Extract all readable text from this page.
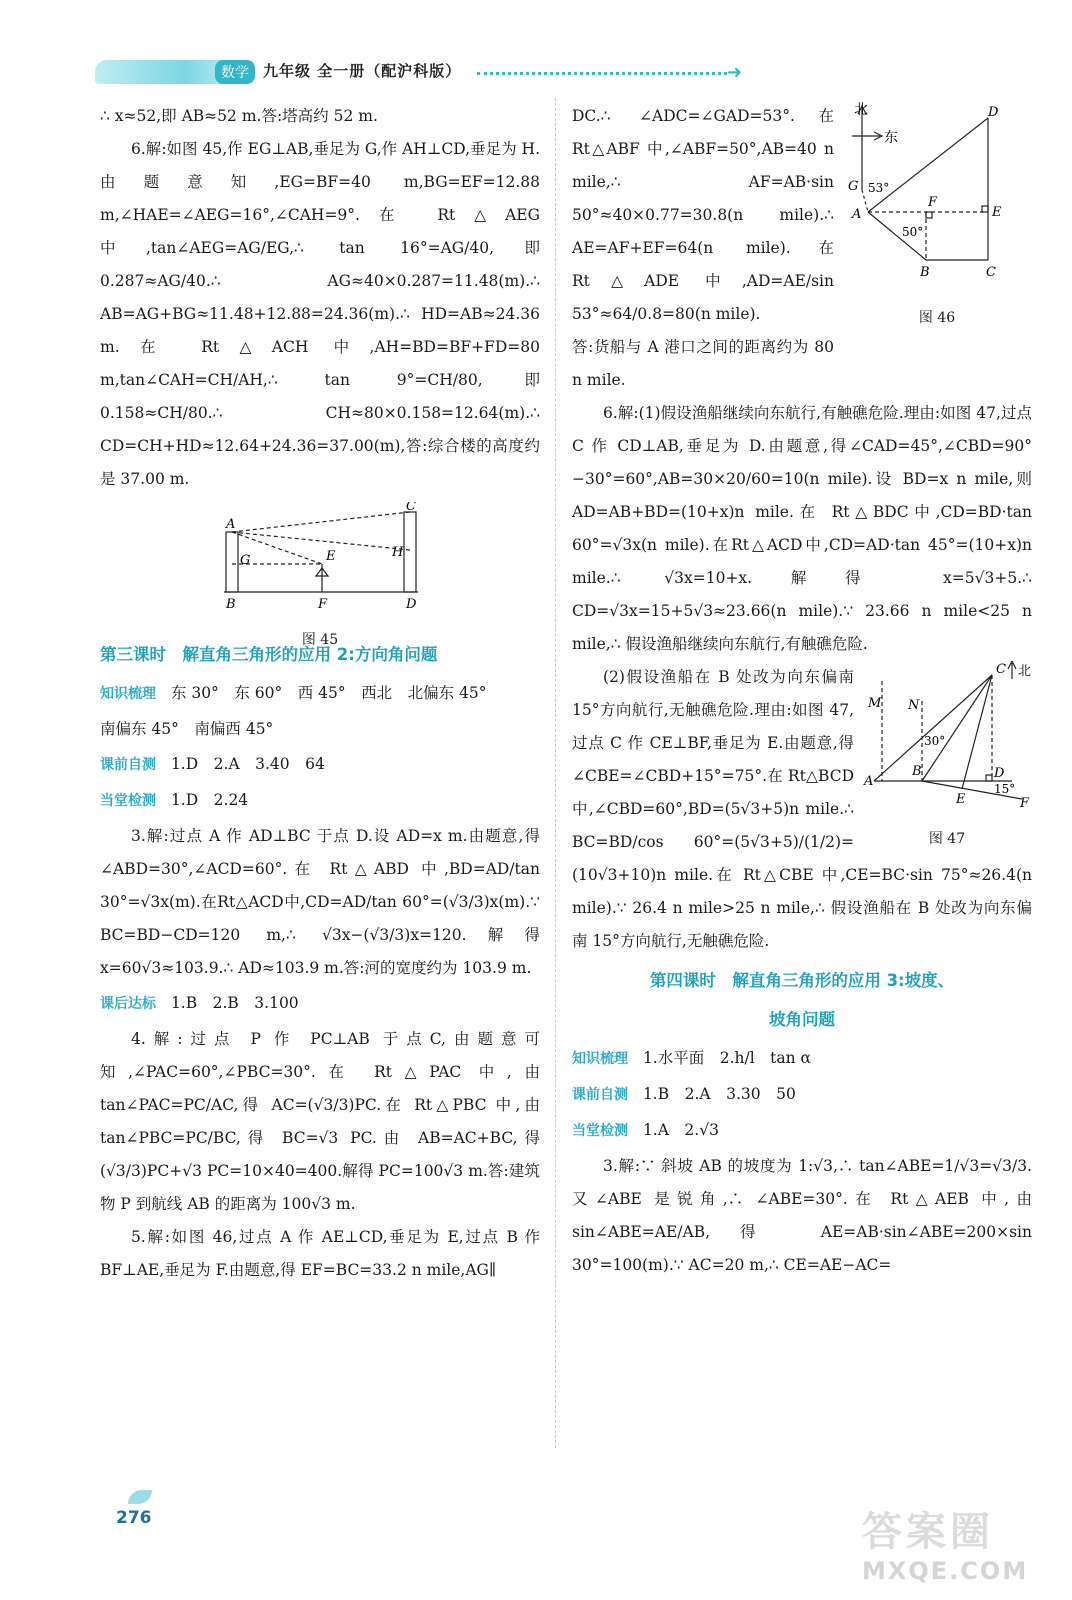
数学 九年级 全一册（配沪科版）	➜

∴ x≈52,即 AB≈52 m.答:塔高约 52 m.

6.解:如图 45,作 EG⊥AB,垂足为 G,作 AH⊥CD,垂足为 H.由题意知,EG=BF=40 m,BG=EF=12.88 m,∠HAE=∠AEG=16°,∠CAH=9°.在 Rt△AEG 中,tan∠AEG=AG/EG,∴ tan 16°=AG/40,即 0.287≈AG/40.∴ AG≈40×0.287=11.48(m).∴ AB=AG+BG≈11.48+12.88=24.36(m).∴ HD=AB≈24.36 m.在 Rt△ACH 中,AH=BD=BF+FD=80 m,tan∠CAH=CH/AH,∴ tan 9°=CH/80,即 0.158≈CH/80.∴ CH≈80×0.158=12.64(m).∴ CD=CH+HD≈12.64+24.36=37.00(m),答:综合楼的高度约是 37.00 m.

A
G	E
C
H
B	F	D
图 45
第三课时　解直角三角形的应用 2:方向角问题
知识梳理 东 30°　东 60°　西 45°　西北　北偏东 45°
南偏东 45°　南偏西 45°
课前自测 1.D　2.A　3.40　64
当堂检测 1.D　2.24

3.解:过点 A 作 AD⊥BC 于点 D.设 AD=x m.由题意,得∠ABD=30°,∠ACD=60°.在 Rt△ABD 中,BD=AD/tan 30°=√3x(m).在Rt△ACD中,CD=AD/tan 60°=(√3/3)x(m).∵ BC=BD−CD=120 m,∴ √3x−(√3/3)x=120.解得 x=60√3≈103.9.∴ AD≈103.9 m.答:河的宽度约为 103.9 m.

课后达标 1.B　2.B　3.100

4.解:过点 P 作 PC⊥AB 于点C,由题意可知,∠PAC=60°,∠PBC=30°.在 Rt△PAC 中,由 tan∠PAC=PC/AC,得 AC=(√3/3)PC.在 Rt△PBC 中,由 tan∠PBC=PC/BC,得 BC=√3 PC.由 AB=AC+BC,得(√3/3)PC+√3 PC=10×40=400.解得 PC=100√3 m.答:建筑物 P 到航线 AB 的距离为 100√3 m.

5.解:如图 46,过点 A 作 AE⊥CD,垂足为 E,过点 B 作 BF⊥AE,垂足为 F.由题意,得 EF=BC=33.2 n mile,AG∥

北
东
G 53°
A
F
50°
E
D
B	C
图 46

DC.∴ ∠ADC=∠GAD=53°.在 Rt△ABF 中,∠ABF=50°,AB=40 n mile,∴ AF=AB·sin 50°≈40×0.77=30.8(n mile).∴ AE=AF+EF=64(n mile).在 Rt△ADE 中,AD=AE/sin 53°≈64/0.8=80(n mile).

答:货船与 A 港口之间的距离约为 80 n mile.

6.解:(1)假设渔船继续向东航行,有触礁危险.理由:如图 47,过点 C 作 CD⊥AB,垂足为 D.由题意,得∠CAD=45°,∠CBD=90°−30°=60°,AB=30×20/60=10(n mile).设 BD=x n mile,则 AD=AB+BD=(10+x)n mile.在 Rt△BDC中,CD=BD·tan 60°=√3x(n mile).在Rt△ACD中,CD=AD·tan 45°=(10+x)n mile.∴ √3x=10+x.解得 x=5√3+5.∴ CD=√3x=15+5√3≈23.66(n mile).∵ 23.66 n mile<25 n mile,∴ 假设渔船继续向东航行,有触礁危险.

C 北
M N
30°
A
B	D
15°
E	F
图 47

(2)假设渔船在 B 处改为向东偏南 15°方向航行,无触礁危险.理由:如图 47,过点 C 作 CE⊥BF,垂足为 E.由题意,得∠CBE=∠CBD+15°=75°.在 Rt△BCD 中,∠CBD=60°,BD=(5√3+5)n mile.∴ BC=BD/cos 60°=(5√3+5)/(1/2)=(10√3+10)n mile.在 Rt△CBE 中,CE=BC·sin 75°≈26.4(n mile).∵ 26.4 n mile>25 n mile,∴ 假设渔船在 B 处改为向东偏南 15°方向航行,无触礁危险.

第四课时　解直角三角形的应用 3:坡度、
坡角问题
知识梳理 1.水平面　2.h/l　tan α
课前自测 1.B　2.A　3.30　50
当堂检测 1.A　2.√3

3.解:∵ 斜坡 AB 的坡度为 1:√3,∴ tan∠ABE=1/√3=√3/3.又∠ABE 是锐角,∴ ∠ABE=30°.在 Rt△AEB 中,由 sin∠ABE=AE/AB,得 AE=AB·sin∠ABE=200×sin 30°=100(m).∵ AC=20 m,∴ CE=AE−AC=

276	答案圈
MXQE.COM
